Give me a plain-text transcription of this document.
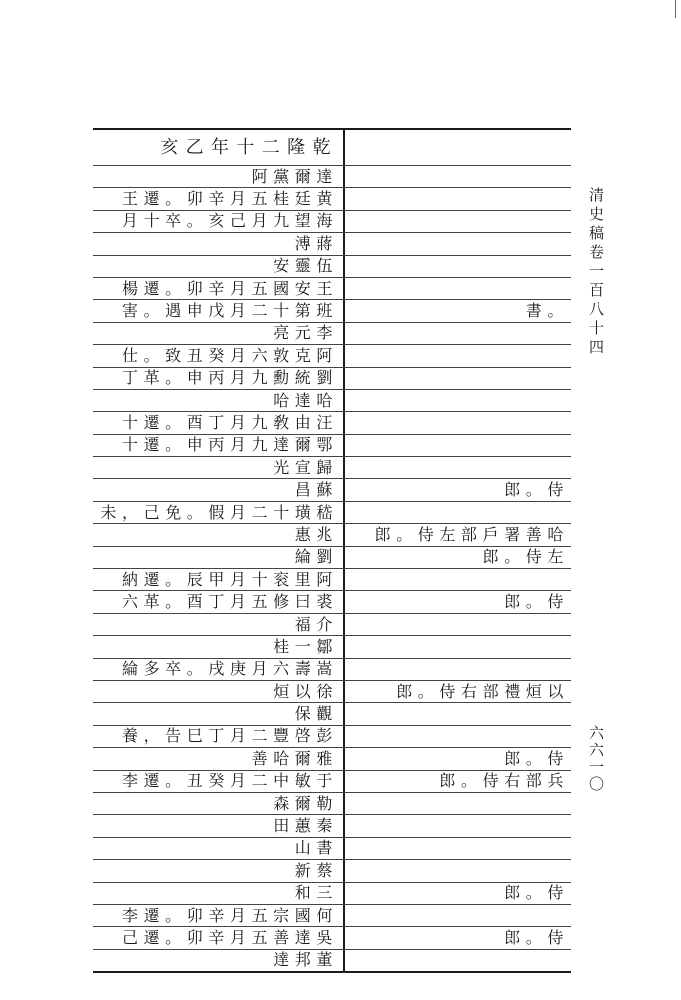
清史稿卷一百八十四
六六一〇
亥乙年十二隆乾
阿黨爾達
王遷。卯辛月五桂廷黄
月十卒。亥己月九望海
溥蔣
安靈伍
楊遷。卯辛月五國安王
害。遇申戊月二十第班	書。
亮元李
仕。致丑癸月六敦克阿
丁革。申丙月九勳統劉
哈達哈
十遷。酉丁月九敎由汪
十遷。申丙月九達爾鄂
光宣歸
昌蘇	郎。侍
未，己免。假月二十璜嵇
惠兆	郎。侍左部戶署善哈
綸劉	郎。侍左
納遷。辰甲月十衮里阿
六革。酉丁月五修曰裘	郎。侍
福介
桂一鄒
綸多卒。戌庚月六壽嵩
烜以徐	郎。侍右部禮烜以
保觀
養，告巳丁月二豐啓彭
善哈爾雅	郎。侍
李遷。丑癸月二中敏于	郎。侍右部兵
森爾勒
田蕙秦
山書
新蔡
和三	郎。侍
李遷。卯辛月五宗國何
己遷。卯辛月五善達吳	郎。侍
達邦董
